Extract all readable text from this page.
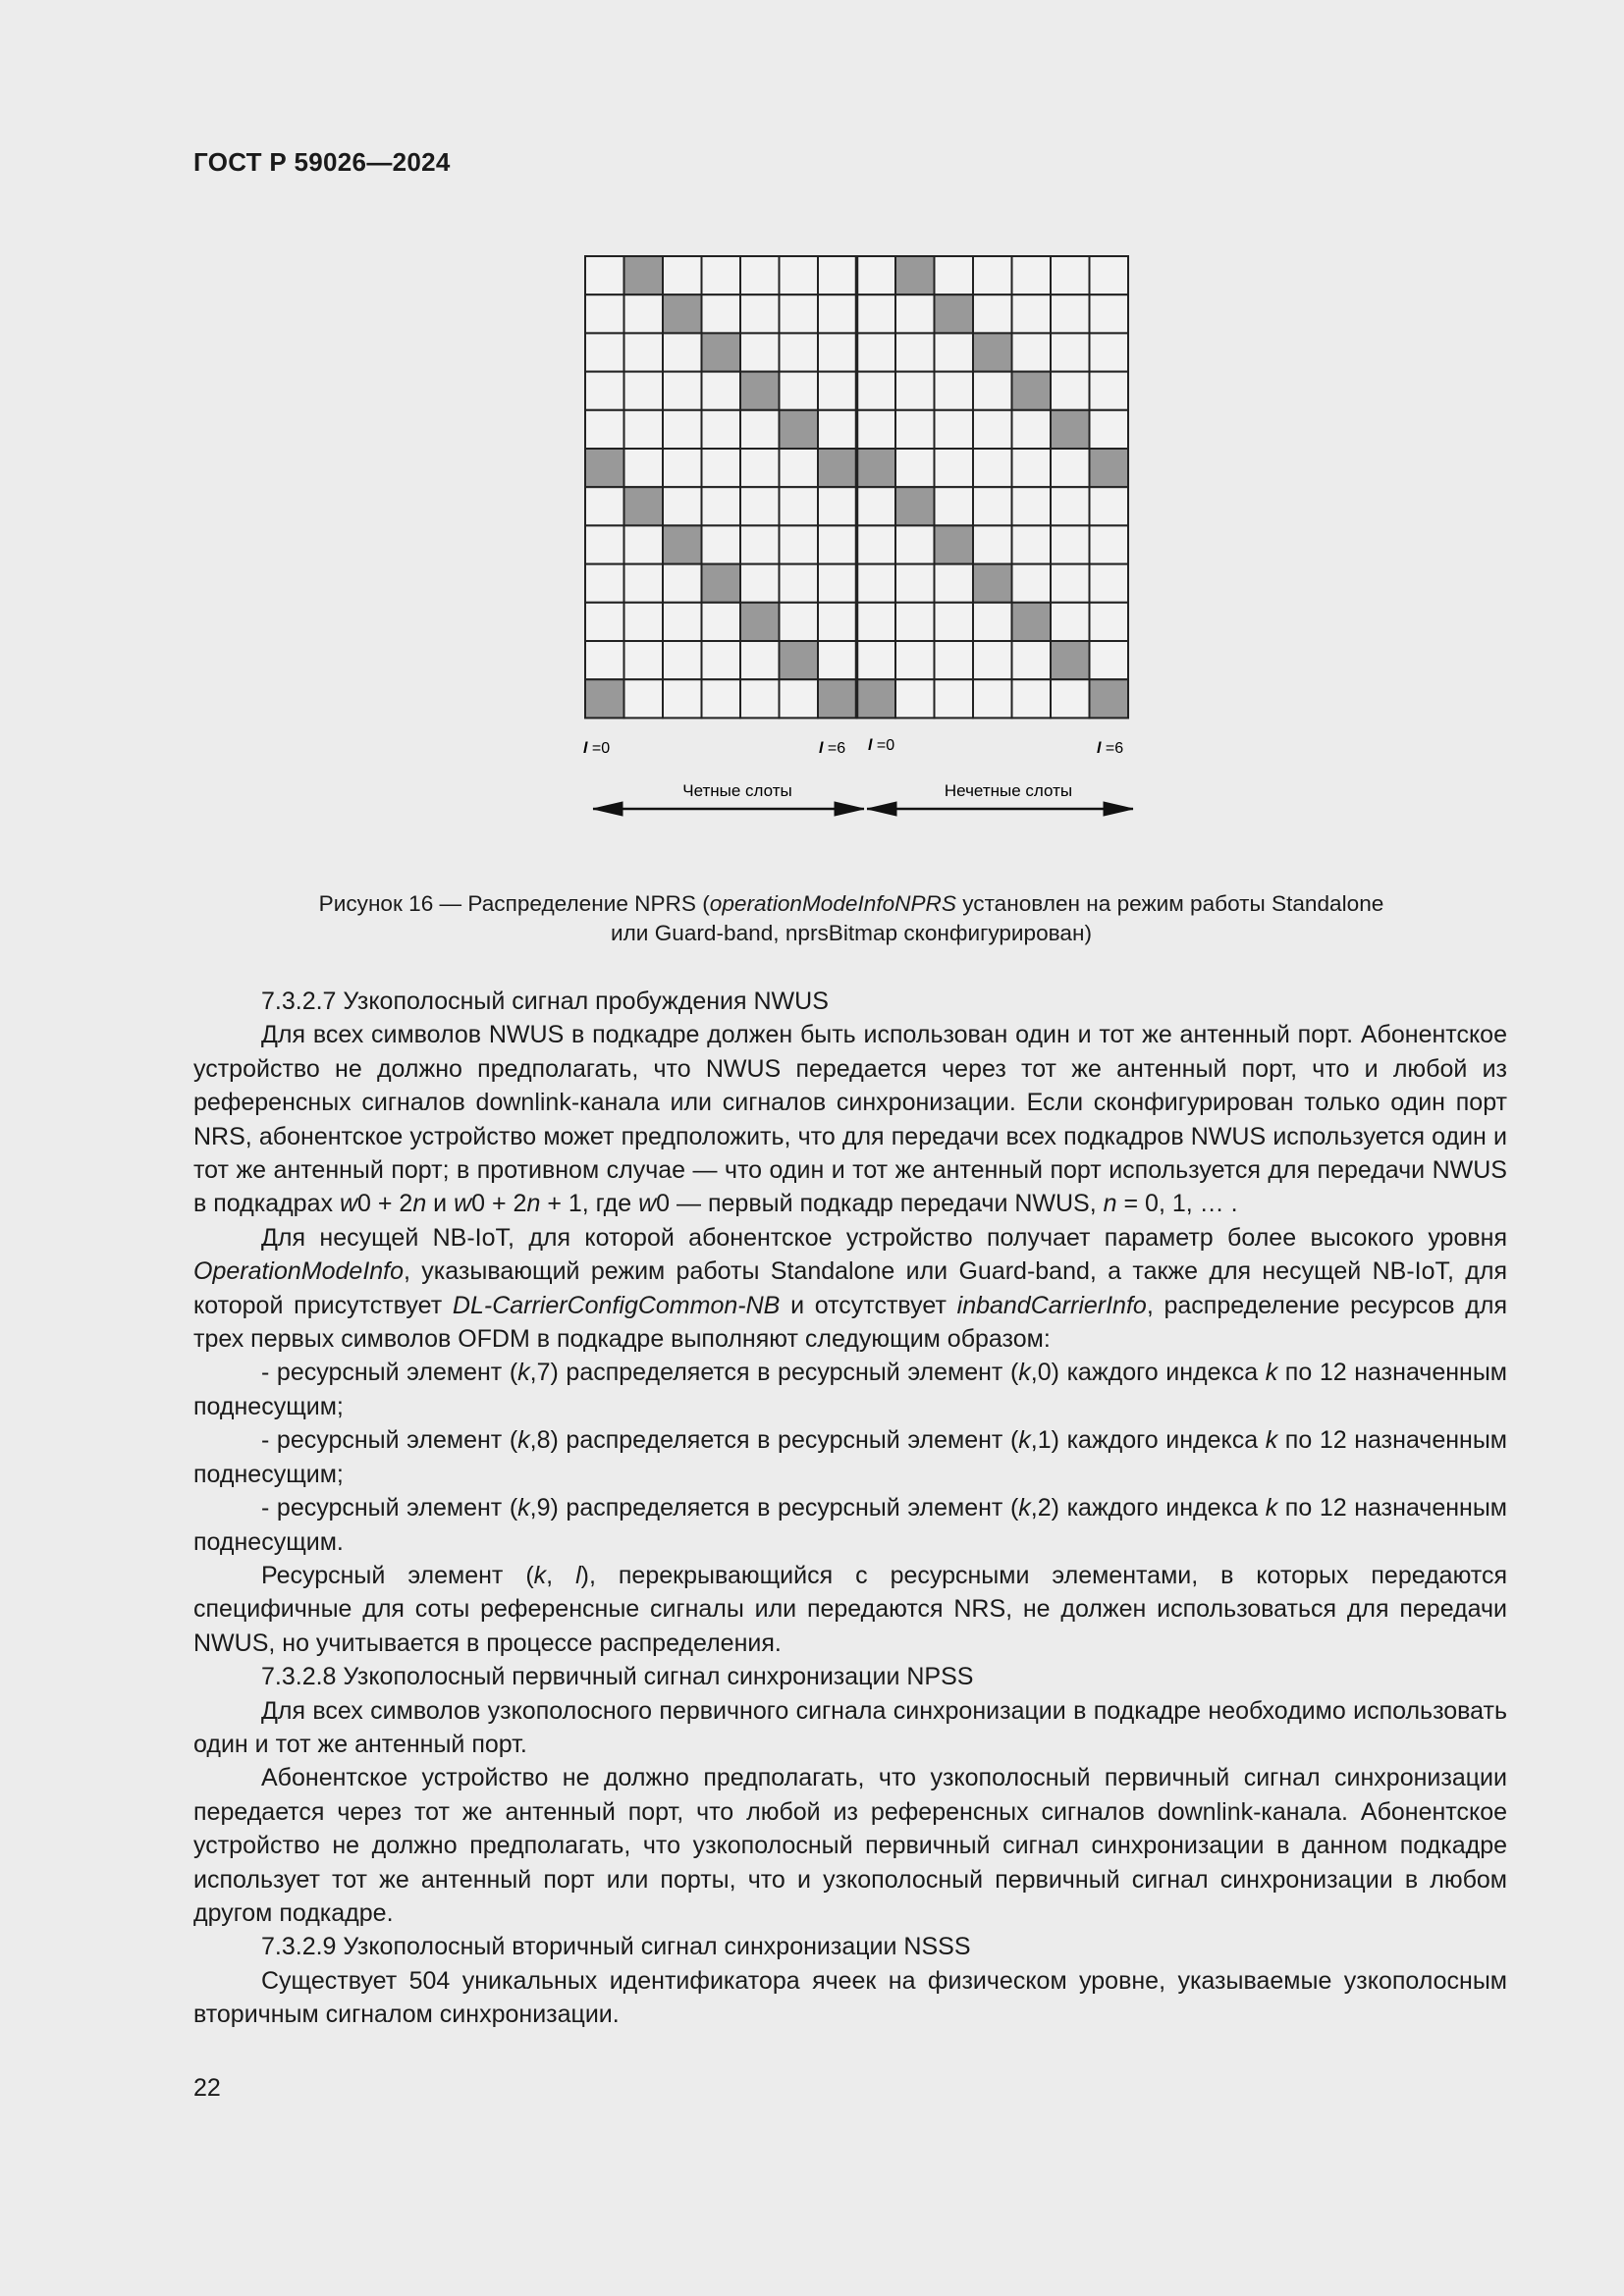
ГОСТ Р 59026—2024
l =0	l =6 l =0	l =6
Четные слоты	Нечетные слоты
Рисунок 16 — Распределение NPRS (operationModeInfoNPRS установлен на режим работы Standalone
или Guard-band, nprsBitmap сконфигурирован)

7.3.2.7 Узкополосный сигнал пробуждения NWUS

Для всех символов NWUS в подкадре должен быть использован один и тот же антенный порт. Абонентское устройство не должно предполагать, что NWUS передается через тот же антенный порт, что и любой из референсных сигналов downlink-канала или сигналов синхронизации. Если сконфигурирован только один порт NRS, абонентское устройство может предположить, что для передачи всех подкадров NWUS используется один и тот же антенный порт; в противном случае — что один и тот же антенный порт используется для передачи NWUS в подкадрах w0 + 2n и w0 + 2n + 1, где w0 — первый подкадр передачи NWUS, n = 0, 1, … .

Для несущей NB-IoT, для которой абонентское устройство получает параметр более высокого уровня OperationModeInfo, указывающий режим работы Standalone или Guard-band, а также для несущей NB-IoT, для которой присутствует DL-CarrierConfigCommon-NB и отсутствует inbandCarrierInfo, распределение ресурсов для трех первых символов OFDM в подкадре выполняют следующим образом:

- ресурсный элемент (k,7) распределяется в ресурсный элемент (k,0) каждого индекса k по 12 назначенным поднесущим;

- ресурсный элемент (k,8) распределяется в ресурсный элемент (k,1) каждого индекса k по 12 назначенным поднесущим;

- ресурсный элемент (k,9) распределяется в ресурсный элемент (k,2) каждого индекса k по 12 назначенным поднесущим.

Ресурсный элемент (k, l), перекрывающийся с ресурсными элементами, в которых передаются специфичные для соты референсные сигналы или передаются NRS, не должен использоваться для передачи NWUS, но учитывается в процессе распределения.

7.3.2.8 Узкополосный первичный сигнал синхронизации NPSS

Для всех символов узкополосного первичного сигнала синхронизации в подкадре необходимо использовать один и тот же антенный порт.

Абонентское устройство не должно предполагать, что узкополосный первичный сигнал синхронизации передается через тот же антенный порт, что любой из референсных сигналов downlink-канала. Абонентское устройство не должно предполагать, что узкополосный первичный сигнал синхронизации в данном подкадре использует тот же антенный порт или порты, что и узкополосный первичный сигнал синхронизации в любом другом подкадре.

7.3.2.9 Узкополосный вторичный сигнал синхронизации NSSS

Существует 504 уникальных идентификатора ячеек на физическом уровне, указываемые узкополосным вторичным сигналом синхронизации.

22
